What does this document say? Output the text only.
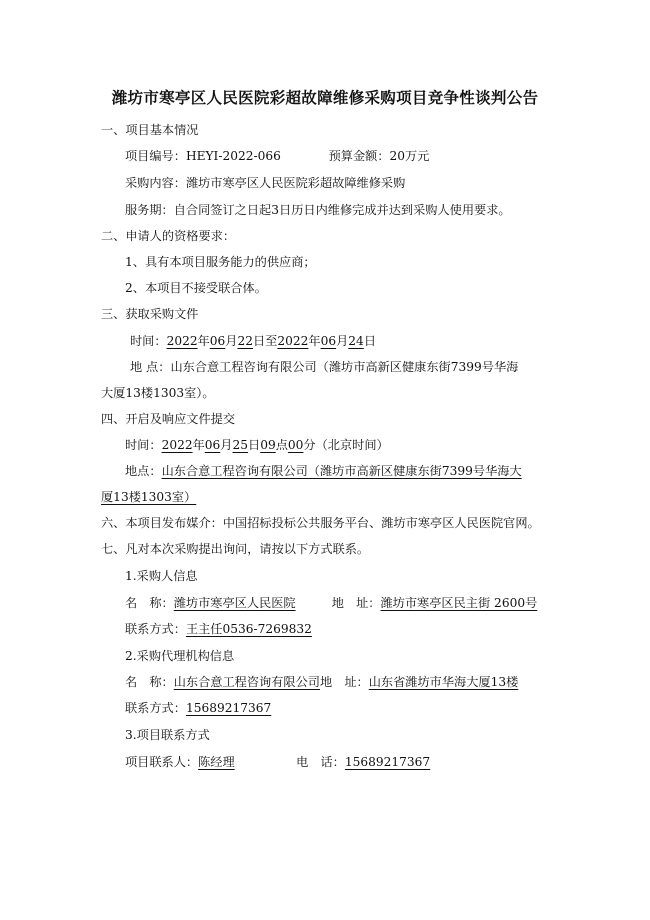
潍坊市寒亭区人民医院彩超故障维修采购项目竞争性谈判公告
一、项目基本情况
项目编号：HEYI-2022-066	预算金额：20万元
采购内容：潍坊市寒亭区人民医院彩超故障维修采购
服务期：自合同签订之日起3日历日内维修完成并达到采购人使用要求。
二、申请人的资格要求：
1、具有本项目服务能力的供应商；
2、本项目不接受联合体。
三、获取采购文件
时间：2022年06月22日至2022年06月24日
地 点：山东合意工程咨询有限公司（潍坊市高新区健康东街7399号华海
大厦13楼1303室）。
四、开启及响应文件提交
时间：2022年06月25日09点00分（北京时间）
地点：山东合意工程咨询有限公司（潍坊市高新区健康东街7399号华海大
厦13楼1303室）
六、本项目发布媒介：中国招标投标公共服务平台、潍坊市寒亭区人民医院官网。
七、凡对本次采购提出询问，请按以下方式联系。
1.采购人信息
名　称：潍坊市寒亭区人民医院	地　址：潍坊市寒亭区民主街 2600号
联系方式：王主任0536-7269832
2.采购代理机构信息
名　称：山东合意工程咨询有限公司地　址：山东省潍坊市华海大厦13楼
联系方式：15689217367
3.项目联系方式
项目联系人：陈经理	电　话：15689217367
